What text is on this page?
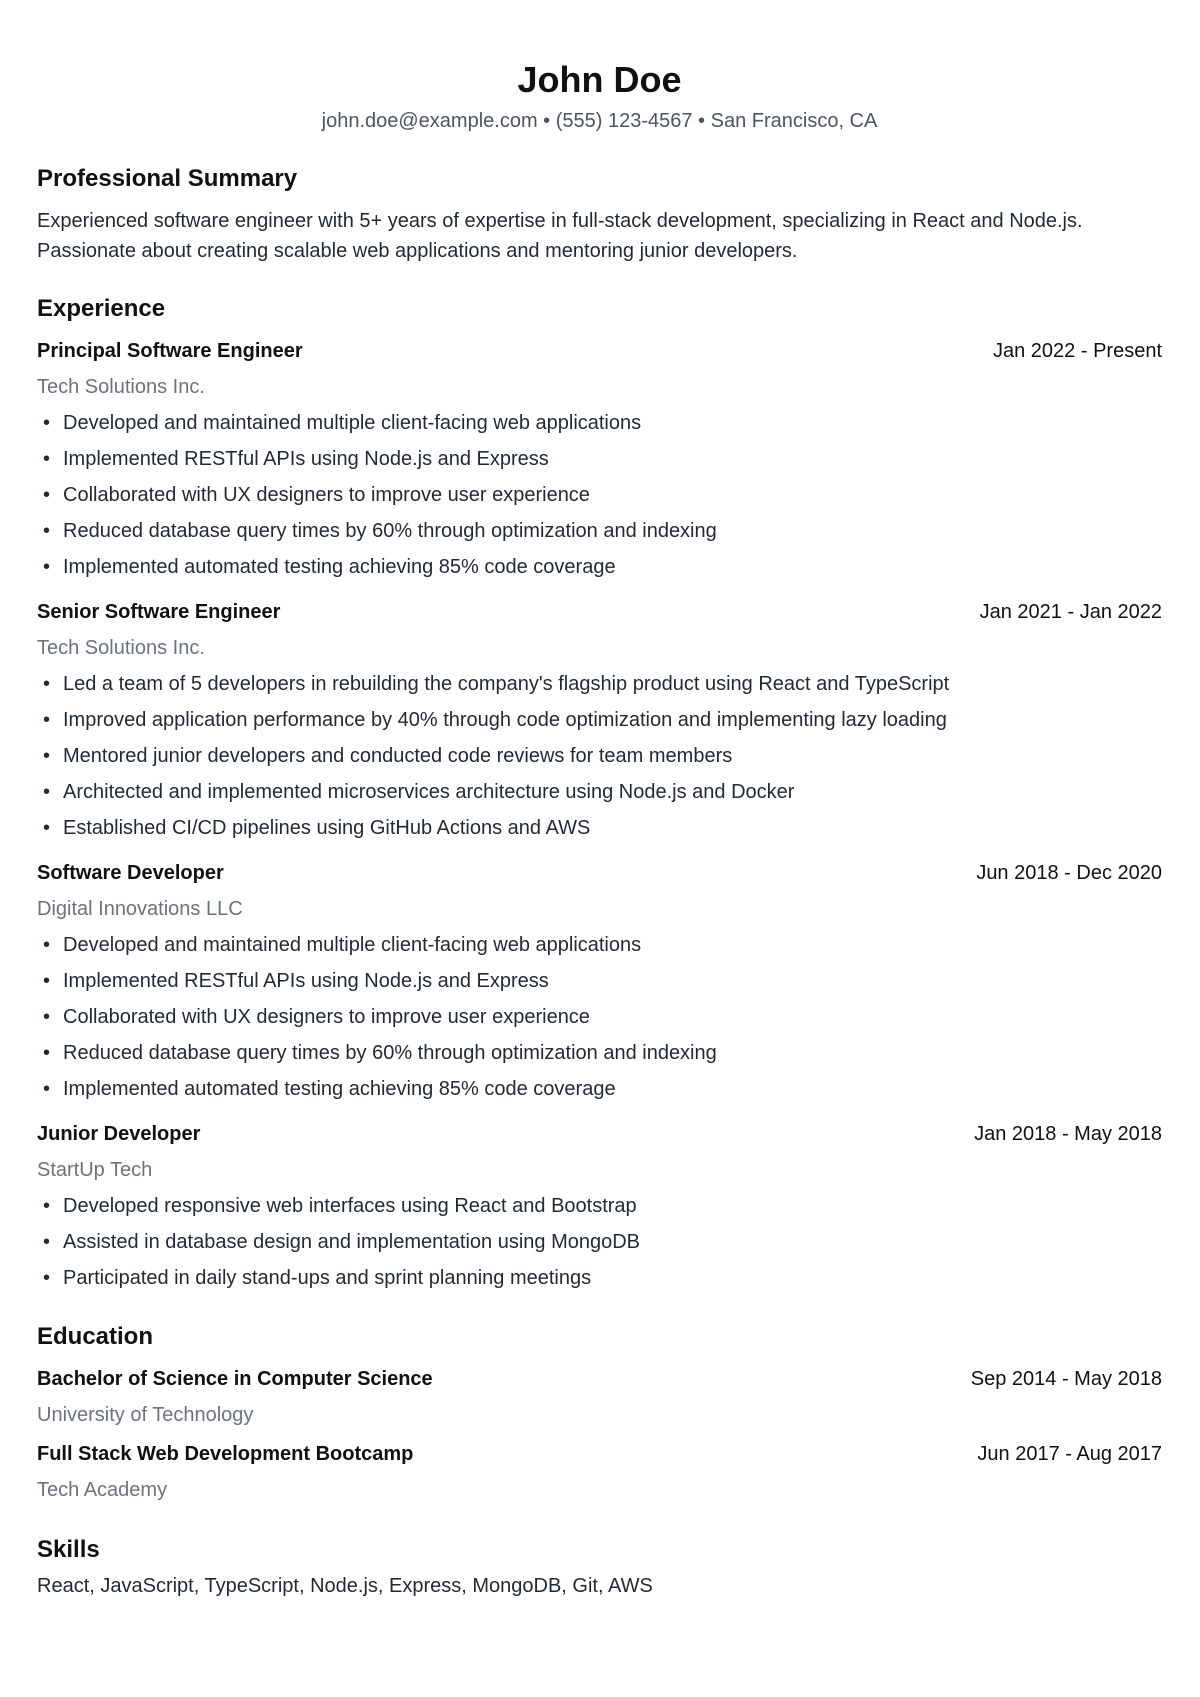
John Doe
john.doe@example.com • (555) 123-4567 • San Francisco, CA
Professional Summary
Experienced software engineer with 5+ years of expertise in full-stack development, specializing in React and Node.js. Passionate about creating scalable web applications and mentoring junior developers.
Experience
Principal Software Engineer	Jan 2022 - Present
Tech Solutions Inc.
• Developed and maintained multiple client-facing web applications
• Implemented RESTful APIs using Node.js and Express
• Collaborated with UX designers to improve user experience
• Reduced database query times by 60% through optimization and indexing
• Implemented automated testing achieving 85% code coverage
Senior Software Engineer	Jan 2021 - Jan 2022
Tech Solutions Inc.
• Led a team of 5 developers in rebuilding the company's flagship product using React and TypeScript
• Improved application performance by 40% through code optimization and implementing lazy loading
• Mentored junior developers and conducted code reviews for team members
• Architected and implemented microservices architecture using Node.js and Docker
• Established CI/CD pipelines using GitHub Actions and AWS
Software Developer	Jun 2018 - Dec 2020
Digital Innovations LLC
• Developed and maintained multiple client-facing web applications
• Implemented RESTful APIs using Node.js and Express
• Collaborated with UX designers to improve user experience
• Reduced database query times by 60% through optimization and indexing
• Implemented automated testing achieving 85% code coverage
Junior Developer	Jan 2018 - May 2018
StartUp Tech
• Developed responsive web interfaces using React and Bootstrap
• Assisted in database design and implementation using MongoDB
• Participated in daily stand-ups and sprint planning meetings
Education
Bachelor of Science in Computer Science	Sep 2014 - May 2018
University of Technology
Full Stack Web Development Bootcamp	Jun 2017 - Aug 2017
Tech Academy
Skills
React, JavaScript, TypeScript, Node.js, Express, MongoDB, Git, AWS
